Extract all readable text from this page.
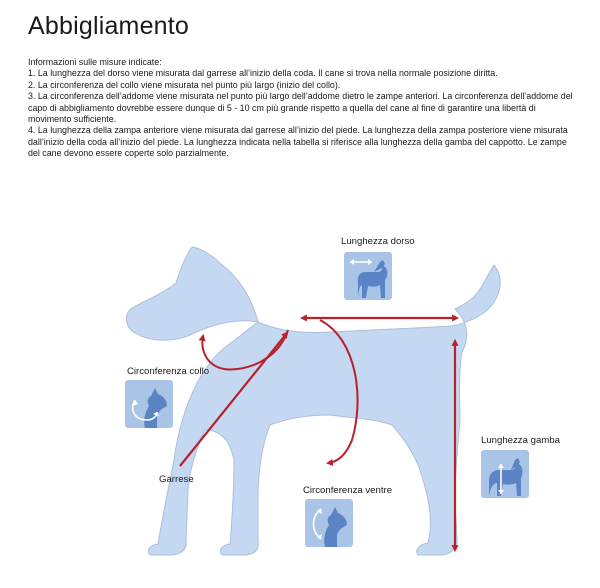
Abbigliamento

Informazioni sulle misure indicate:

1. La lunghezza del dorso viene misurata dal garrese all’inizio della coda. Il cane si trova nella normale posizione diritta.

2. La circonferenza del collo viene misurata nel punto più largo (inizio del collo).

3. La circonferenza dell’addome viene misurata nel punto più largo dell’addome dietro le zampe anteriori. La circonferenza dell’addome del capo di abbigliamento dovrebbe essere dunque di 5 - 10 cm più grande rispetto a quella del cane al fine di garantire una libertà di movimento sufficiente.

4. La lunghezza della zampa anteriore viene misurata dal garrese all’inizio del piede. La lunghezza della zampa posteriore viene misurata dall’inizio della coda all’inizio del piede. La lunghezza indicata nella tabella si riferisce alla lunghezza della gamba del cappotto. Le zampe del cane devono essere coperte solo parzialmente.

Lunghezza dorso
Circonferenza collo
Garrese
Circonferenza ventre
Lunghezza gamba
